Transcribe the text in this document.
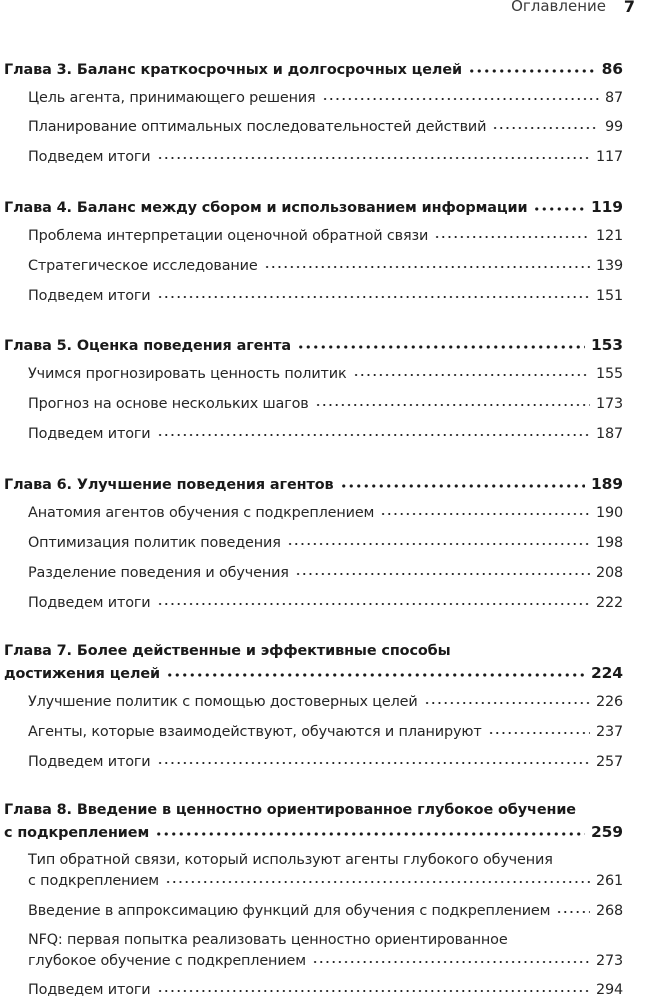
Оглавление 7
Глава 3. Баланс краткосрочных и долгосрочных целей	86
Цель агента, принимающего решения	87
Планирование оптимальных последовательностей действий	99
Подведем итоги	117
Глава 4. Баланс между сбором и использованием информации	119
Проблема интерпретации оценочной обратной связи	121
Стратегическое исследование	139
Подведем итоги	151
Глава 5. Оценка поведения агента	153
Учимся прогнозировать ценность политик	155
Прогноз на основе нескольких шагов	173
Подведем итоги	187
Глава 6. Улучшение поведения агентов	189
Анатомия агентов обучения с подкреплением	190
Оптимизация политик поведения	198
Разделение поведения и обучения	208
Подведем итоги	222
Глава 7. Более действенные и эффективные способы
достижения целей	224
Улучшение политик с помощью достоверных целей	226
Агенты, которые взаимодействуют, обучаются и планируют	237
Подведем итоги	257
Глава 8. Введение в ценностно ориентированное глубокое обучение
с подкреплением	259
Тип обратной связи, который используют агенты глубокого обучения
с подкреплением	261
Введение в аппроксимацию функций для обучения с подкреплением	268
NFQ: первая попытка реализовать ценностно ориентированное
глубокое обучение с подкреплением	273
Подведем итоги	294
